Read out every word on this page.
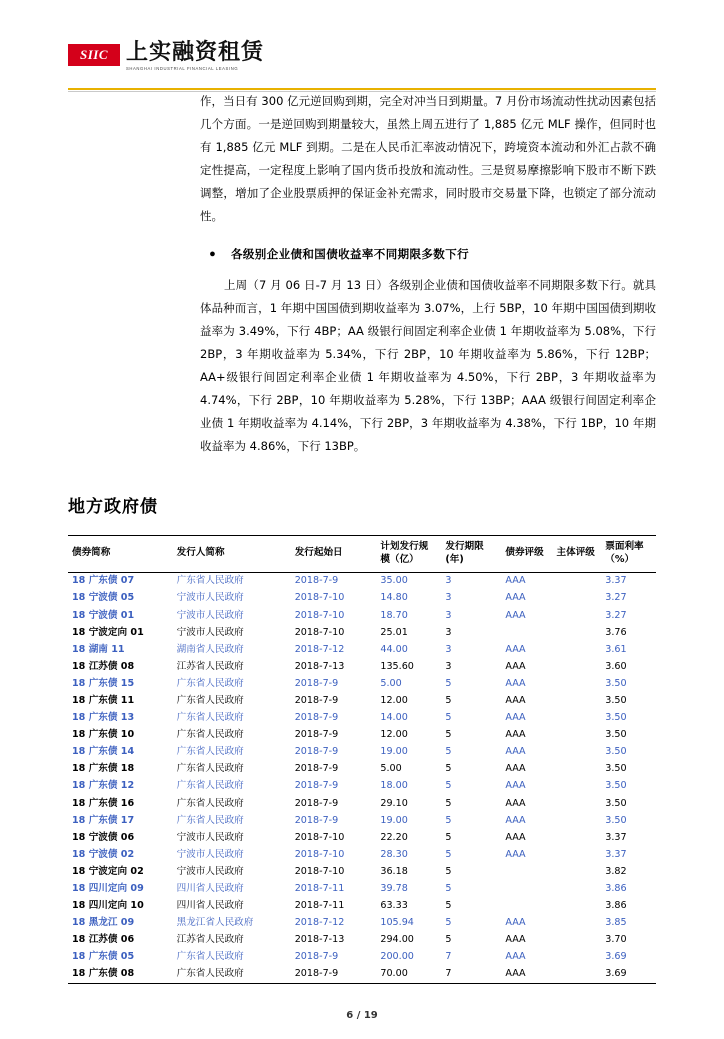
SIIC 上实融资租赁
SHANGHAI INDUSTRIAL FINANCIAL LEASING

作，当日有 300 亿元逆回购到期，完全对冲当日到期量。7 月份市场流动性扰动因素包括几个方面。一是逆回购到期量较大，虽然上周五进行了 1,885 亿元 MLF 操作，但同时也有 1,885 亿元 MLF 到期。二是在人民币汇率波动情况下，跨境资本流动和外汇占款不确定性提高，一定程度上影响了国内货币投放和流动性。三是贸易摩擦影响下股市不断下跌调整，增加了企业股票质押的保证金补充需求，同时股市交易量下降，也锁定了部分流动性。

● 各级别企业债和国债收益率不同期限多数下行

上周（7 月 06 日-7 月 13 日）各级别企业债和国债收益率不同期限多数下行。就具体品种而言，1 年期中国国债到期收益率为 3.07%，上行 5BP，10 年期中国国债到期收益率为 3.49%，下行 4BP；AA 级银行间固定利率企业债 1 年期收益率为 5.08%，下行 2BP，3 年期收益率为 5.34%，下行 2BP，10 年期收益率为 5.86%，下行 12BP；AA+级银行间固定利率企业债 1 年期收益率为 4.50%，下行 2BP，3 年期收益率为 4.74%，下行 2BP，10 年期收益率为 5.28%，下行 13BP；AAA 级银行间固定利率企业债 1 年期收益率为 4.14%，下行 2BP，3 年期收益率为 4.38%，下行 1BP，10 年期收益率为 4.86%，下行 13BP。

地方政府债
债券简称	发行人简称	发行起始日	计划发行规模（亿）	发行期限(年)	债券评级	主体评级	票面利率（%）
18 广东债 07	广东省人民政府	2018-7-9	35.00	3	AAA		3.37
18 宁波债 05	宁波市人民政府	2018-7-10	14.80	3	AAA		3.27
18 宁波债 01	宁波市人民政府	2018-7-10	18.70	3	AAA		3.27
18 宁波定向 01	宁波市人民政府	2018-7-10	25.01	3			3.76
18 湖南 11	湖南省人民政府	2018-7-12	44.00	3	AAA		3.61
18 江苏债 08	江苏省人民政府	2018-7-13	135.60	3	AAA		3.60
18 广东债 15	广东省人民政府	2018-7-9	5.00	5	AAA		3.50
18 广东债 11	广东省人民政府	2018-7-9	12.00	5	AAA		3.50
18 广东债 13	广东省人民政府	2018-7-9	14.00	5	AAA		3.50
18 广东债 10	广东省人民政府	2018-7-9	12.00	5	AAA		3.50
18 广东债 14	广东省人民政府	2018-7-9	19.00	5	AAA		3.50
18 广东债 18	广东省人民政府	2018-7-9	5.00	5	AAA		3.50
18 广东债 12	广东省人民政府	2018-7-9	18.00	5	AAA		3.50
18 广东债 16	广东省人民政府	2018-7-9	29.10	5	AAA		3.50
18 广东债 17	广东省人民政府	2018-7-9	19.00	5	AAA		3.50
18 宁波债 06	宁波市人民政府	2018-7-10	22.20	5	AAA		3.37
18 宁波债 02	宁波市人民政府	2018-7-10	28.30	5	AAA		3.37
18 宁波定向 02	宁波市人民政府	2018-7-10	36.18	5			3.82
18 四川定向 09	四川省人民政府	2018-7-11	39.78	5			3.86
18 四川定向 10	四川省人民政府	2018-7-11	63.33	5			3.86
18 黑龙江 09	黑龙江省人民政府	2018-7-12	105.94	5	AAA		3.85
18 江苏债 06	江苏省人民政府	2018-7-13	294.00	5	AAA		3.70
18 广东债 05	广东省人民政府	2018-7-9	200.00	7	AAA		3.69
18 广东债 08	广东省人民政府	2018-7-9	70.00	7	AAA		3.69
6 / 19
